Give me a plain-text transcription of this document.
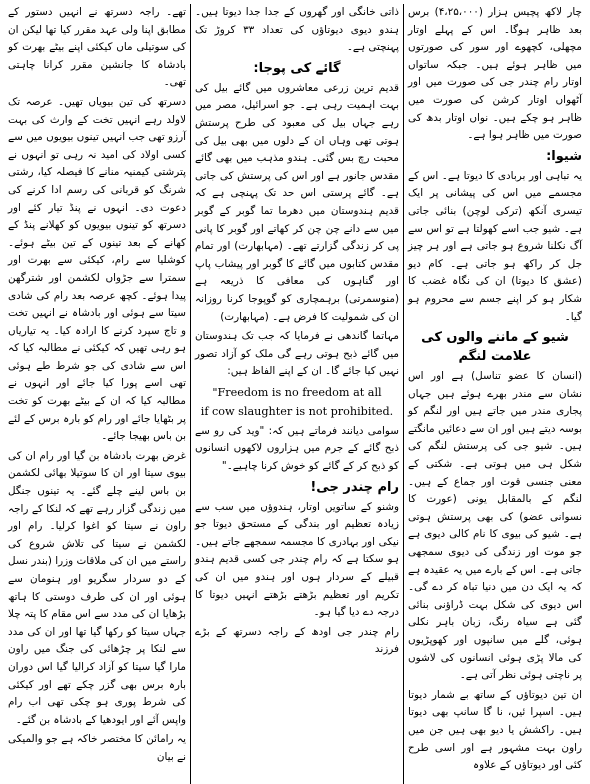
چار لاکھ پچیس ہزار (۴،۲۵،۰۰۰) برس بعد ظاہر ہوگا۔ اس کے پہلے اوتار مچھلی، کچھوے اور سور کی صورتوں میں ظاہر ہوئے ہیں۔ جبکہ ساتواں اوتار رام چندر جی کی صورت میں اور آٹھواں اوتار کرشن کی صورت میں ظاہر ہو چکے ہیں۔ نواں اوتار بدھ کی صورت میں ظاہر ہوا ہے۔

شیوا:

یہ تباہی اور بربادی کا دیوتا ہے۔ اس کے مجسمے میں اس کی پیشانی پر ایک تیسری آنکھ (ترکی لوچن) بنائی جاتی ہے۔ شیو جب اسے کھولتا ہے تو اس سے آگ نکلنا شروع ہو جاتی ہے اور ہر چیز جل کر راکھ ہو جاتی ہے۔ کام دیو (عشق کا دیوتا) ان کی نگاہ غضب کا شکار ہو کر اپنے جسم سے محروم ہو گیا۔

شیو کے ماننے والوں کی علامت لنگم

(انسان کا عضو تناسل) ہے اور اس نشان سے مندر بھرے ہوئے ہیں جہاں پجاری مندر میں جاتے ہیں اور لنگم کو بوسہ دیتے ہیں اور ان سے دعائیں مانگتے ہیں۔ شیو جی کی پرستش لنگم کی شکل ہی میں ہوتی ہے۔ شکتی کے معنی جنسی قوت اور جماع کے ہیں۔ لنگم کے بالمقابل یونی (عورت کا نسوانی عضو) کی بھی پرستش ہوتی ہے۔ شیو کی بیوی کا نام کالی دیوی ہے جو موت اور زندگی کی دیوی سمجھی جاتی ہے۔ اس کے بارے میں یہ عقیدہ ہے کہ یہ ایک دن میں دنیا تباہ کر دے گی۔ اس دیوی کی شکل بہت ڈراؤنی بنائی گئی ہے سیاہ رنگ، زبان باہر نکلی ہوئی، گلے میں سانپوں اور کھوپڑیوں کی مالا پڑی ہوئی انسانوں کی لاشوں پر ناچتی ہوئی نظر آتی ہے۔

ان تین دیوتاؤں کے ساتھ بے شمار دیوتا ہیں۔ اسپرا ئیں، نا گا سانپ بھی دیوتا ہیں۔ راکشش یا دیو بھی ہیں جن میں راون بہت مشہور ہے اور اسی طرح کئی اور دیوتاؤں کے علاوہ

ذاتی خانگی اور گھروں کے جدا جدا دیوتا ہیں۔ ہندو دیوی دیوتاؤں کی تعداد ۳۳ کروڑ تک پہنچتی ہے۔

گائے کی پوجا:

قدیم ترین زرعی معاشروں میں گائے بیل کی بہت اہمیت رہی ہے۔ جو اسرائیل، مصر میں رہے جہاں بیل کی معبود کی طرح پرستش ہوتی تھی وہاں ان کے دلوں میں بھی بیل کی محبت رچ بس گئی۔ ہندو مذہب میں بھی گائے مقدس جانور ہے اور اس کی پرستش کی جاتی ہے۔ گائے پرستی اس حد تک پہنچی ہے کہ قدیم ہندوستان میں دھرما تما گوبر کے گوبر میں سے دانے چن چن کر کھاتے اور گوبر کا پانی پی کر زندگی گزارتے تھے۔ (مہابھارت) اور تمام مقدس کتابوں میں گائے کا گوبر اور پیشاب پاپ اور گناہوں کی معافی کا ذریعہ ہے (منوسمرتی) برہمچاری کو گوپوجا کرنا روزانہ ان کی شمولیت کا فرض ہے۔ (مہابھارت)

مہاتما گاندھی نے فرمایا کہ جب تک ہندوستان میں گائے ذبح ہوتی رہے گی ملک کو آزاد تصور نہیں کیا جائے گا۔ ان کے اپنے الفاظ ہیں:

"Freedom is no freedom at all
if cow slaughter is not prohibited.

سوامی دیانند فرماتے ہیں کہ: "وید کی رو سے ذبح گائے کے جرم میں ہزاروں لاکھوں انسانوں کو ذبح کر کے گائے کو خوش کرنا چاہیے۔"

رام چندر جی!

وشنو کے ساتویں اوتار، ہندوؤں میں سب سے زیادہ تعظیم اور بندگی کے مستحق دیوتا جو نیکی اور بہادری کا مجسمہ سمجھے جاتے ہیں۔ ہو سکتا ہے کہ رام چندر جی کسی قدیم ہندو قبیلے کے سردار ہوں اور ہندو میں ان کی تکریم اور تعظیم بڑھتے بڑھتے انہیں دیوتا کا درجہ دے دیا گیا ہو۔

رام چندر جی اودھ کے راجہ دسرتھ کے بڑے فرزند

تھے۔ راجہ دسرتھ نے انہیں دستور کے مطابق اپنا ولی عہد مقرر کیا تھا لیکن ان کی سوتیلی ماں کیکئی اپنے بیٹے بھرت کو بادشاہ کا جانشین مقرر کرانا چاہتی تھی۔

دسرتھ کی تین بیویاں تھیں۔ عرصہ تک لاولد رہے انہیں تخت کے وارث کی بہت آرزو تھی جب انہیں تینوں بیویوں میں سے کسی اولاد کی امید نہ رہی تو انہوں نے پترشتی کیمنیہ منانے کا فیصلہ کیا، رشتی شرنگ کو قربانی کی رسم ادا کرنے کی دعوت دی۔ انہوں نے پنڈ تیار کئے اور دسرتھ کو تینوں بیویوں کو کھلانے پنڈ کے کھانے کے بعد تینوں کے تین بیٹے ہوئے۔ کوشلیا سے رام، کیکئی سے بھرت اور سمترا سے جڑواں لکشمن اور شترگھن پیدا ہوئے۔ کچھ عرصہ بعد رام کی شادی سیتا سے ہوئی اور بادشاہ نے انہیں تخت و تاج سپرد کرنے کا ارادہ کیا۔ یہ تیاریاں ہو رہی تھیں کہ کیکئی نے مطالبہ کیا کہ اس سے شادی کی جو شرط طے ہوئی تھی اسے پورا کیا جائے اور انہوں نے مطالبہ کیا کہ ان کے بیٹے بھرت کو تخت پر بٹھایا جائے اور رام کو بارہ برس کے لئے بن باس بھیجا جائے۔

غرض بھرت بادشاہ بن گیا اور رام ان کی بیوی سیتا اور ان کا سوتیلا بھائی لکشمن بن باس لینے چلے گئے۔ یہ تینوں جنگل میں زندگی گزار رہے تھے کہ لنکا کے راجہ راون نے سیتا کو اغوا کرلیا۔ رام اور لکشمن نے سیتا کی تلاش شروع کی راستے میں ان کی ملاقات وزرا (بندر نسل کے دو سردار سگریو اور ہنومان سے ہوئی اور ان کی طرف دوستی کا ہاتھ بڑھایا ان کی مدد سے اس مقام کا پتہ چلا جہاں سیتا کو رکھا گیا تھا اور ان کی مدد سے لنکا پر چڑھائی کی جنگ میں راون مارا گیا سیتا کو آزاد کرالیا گیا اس دوران بارہ برس بھی گزر چکے تھے اور کیکئی کی شرط پوری ہو چکی تھی اب رام واپس آئے اور ایودھیا کے بادشاہ بن گئے۔

یہ رامائن کا مختصر خاکہ ہے جو والمیکی نے بیان
